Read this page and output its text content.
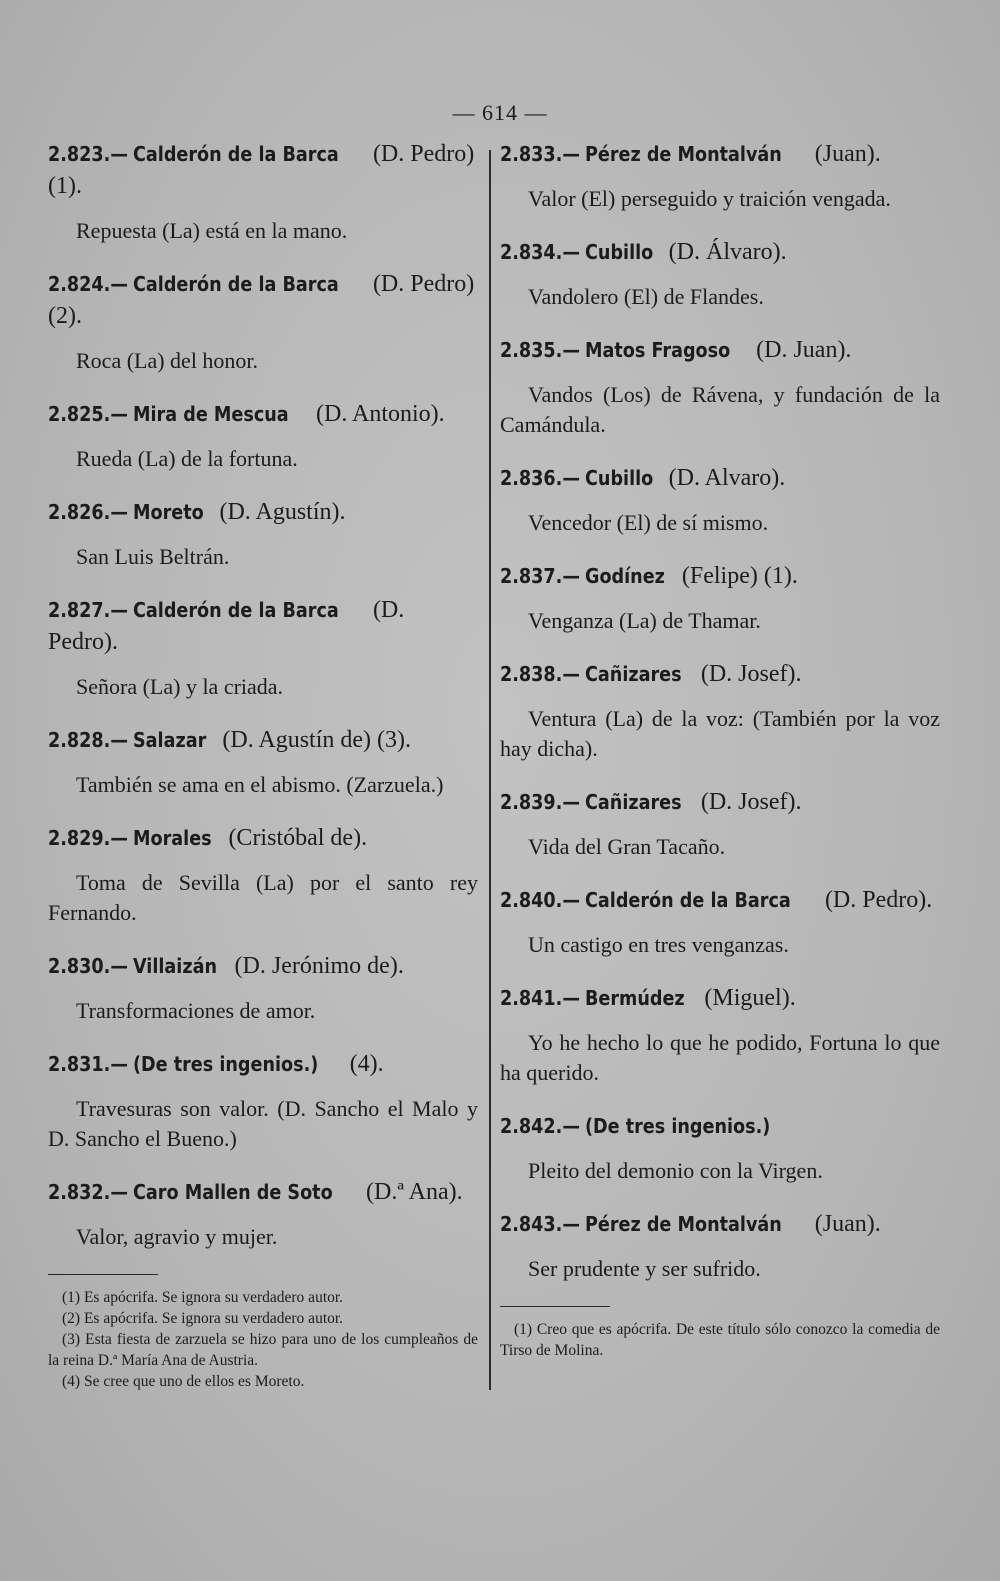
— 614 —
2.823.— Calderón de la Barca (D. Pedro) (1).
Repuesta (La) está en la mano.
2.824.— Calderón de la Barca (D. Pedro) (2).
Roca (La) del honor.
2.825.— Mira de Mescua (D. Antonio).
Rueda (La) de la fortuna.
2.826.— Moreto (D. Agustín).
San Luis Beltrán.
2.827.— Calderón de la Barca (D. Pedro).
Señora (La) y la criada.
2.828.— Salazar (D. Agustín de) (3).
También se ama en el abismo. (Zarzuela.)
2.829.— Morales (Cristóbal de).
Toma de Sevilla (La) por el santo rey Fernando.
2.830.— Villaizán (D. Jerónimo de).
Transformaciones de amor.
2.831.— (De tres ingenios.) (4).
Travesuras son valor. (D. Sancho el Malo y D. Sancho el Bueno.)
2.832.— Caro Mallen de Soto (D.ª Ana).
Valor, agravio y mujer.
(1) Es apócrifa. Se ignora su verdadero autor.
(2) Es apócrifa. Se ignora su verdadero autor.
(3) Esta fiesta de zarzuela se hizo para uno de los cumpleaños de la reina D.ª María Ana de Austria.
(4) Se cree que uno de ellos es Moreto.
2.833.— Pérez de Montalván (Juan).
Valor (El) perseguido y traición vengada.
2.834.— Cubillo (D. Álvaro).
Vandolero (El) de Flandes.
2.835.— Matos Fragoso (D. Juan).
Vandos (Los) de Rávena, y fundación de la Camándula.
2.836.— Cubillo (D. Alvaro).
Vencedor (El) de sí mismo.
2.837.— Godínez (Felipe) (1).
Venganza (La) de Thamar.
2.838.— Cañizares (D. Josef).
Ventura (La) de la voz: (También por la voz hay dicha).
2.839.— Cañizares (D. Josef).
Vida del Gran Tacaño.
2.840.— Calderón de la Barca (D. Pedro).
Un castigo en tres venganzas.
2.841.— Bermúdez (Miguel).
Yo he hecho lo que he podido, Fortuna lo que ha querido.
2.842.— (De tres ingenios.)
Pleito del demonio con la Virgen.
2.843.— Pérez de Montalván (Juan).
Ser prudente y ser sufrido.
(1) Creo que es apócrifa. De este título sólo conozco la comedia de Tirso de Molina.
